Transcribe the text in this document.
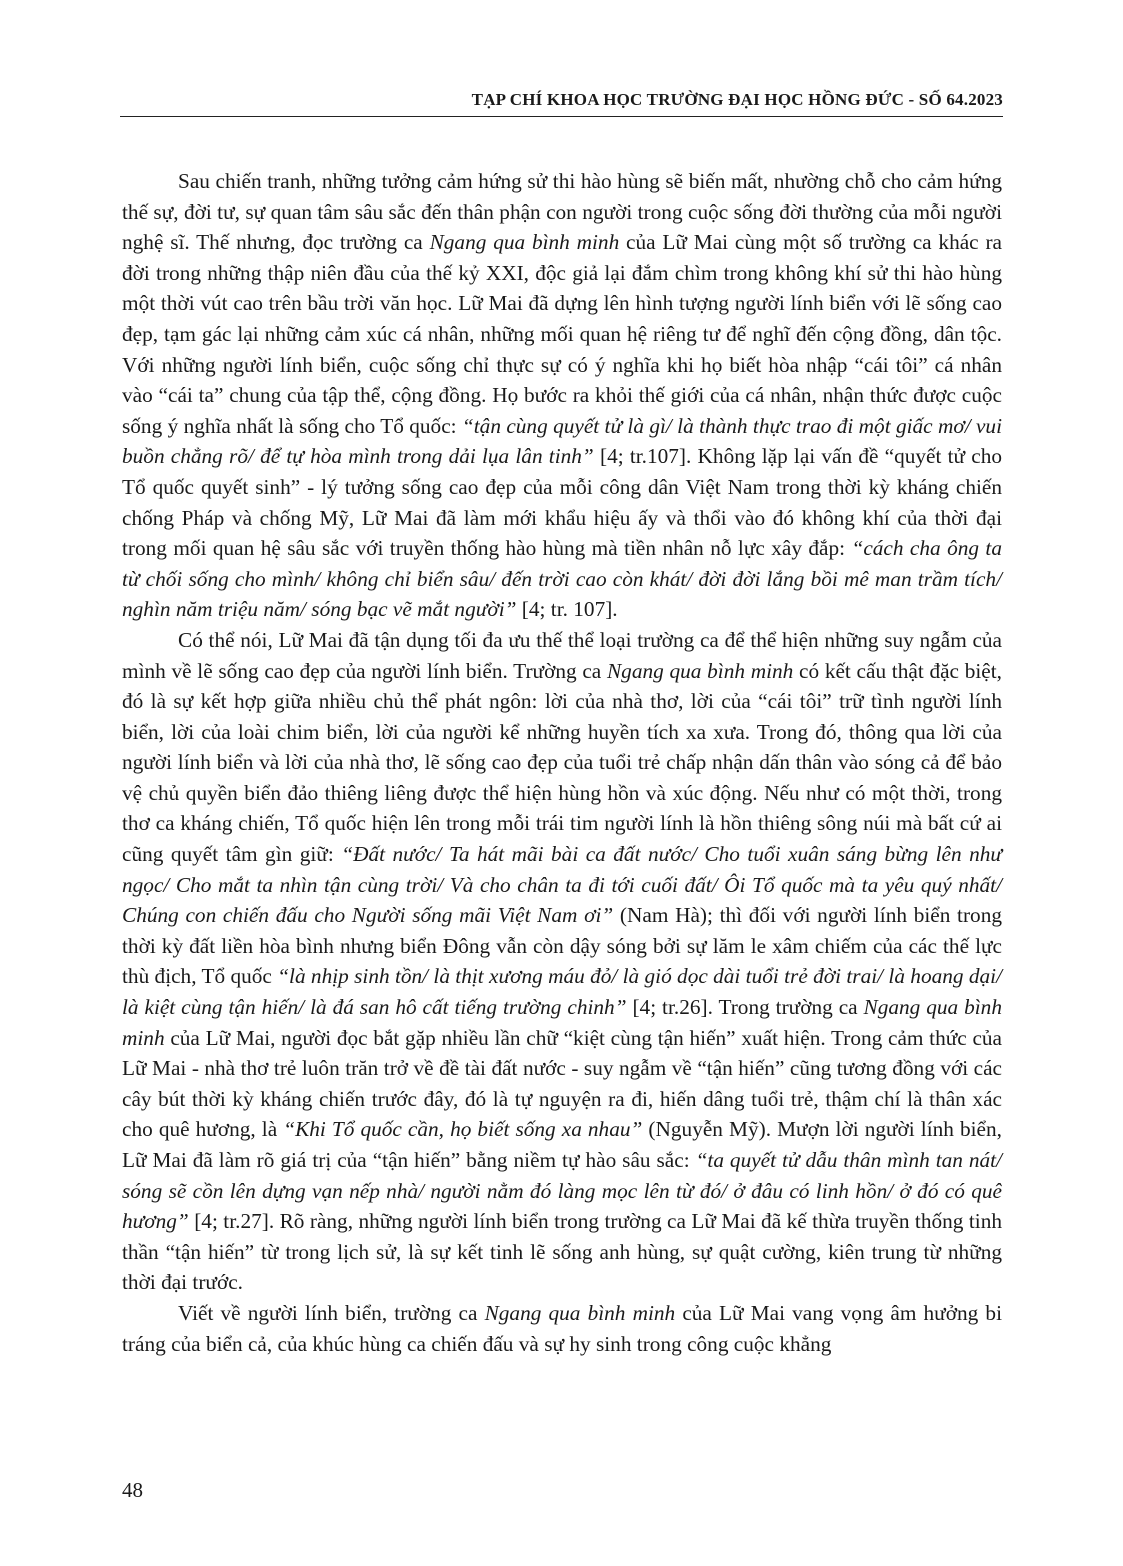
TẠP CHÍ KHOA HỌC TRƯỜNG ĐẠI HỌC HỒNG ĐỨC - SỐ 64.2023

Sau chiến tranh, những tưởng cảm hứng sử thi hào hùng sẽ biến mất, nhường chỗ cho cảm hứng thế sự, đời tư, sự quan tâm sâu sắc đến thân phận con người trong cuộc sống đời thường của mỗi người nghệ sĩ. Thế nhưng, đọc trường ca Ngang qua bình minh của Lữ Mai cùng một số trường ca khác ra đời trong những thập niên đầu của thế kỷ XXI, độc giả lại đắm chìm trong không khí sử thi hào hùng một thời vút cao trên bầu trời văn học. Lữ Mai đã dựng lên hình tượng người lính biển với lẽ sống cao đẹp, tạm gác lại những cảm xúc cá nhân, những mối quan hệ riêng tư để nghĩ đến cộng đồng, dân tộc. Với những người lính biển, cuộc sống chỉ thực sự có ý nghĩa khi họ biết hòa nhập “cái tôi” cá nhân vào “cái ta” chung của tập thể, cộng đồng. Họ bước ra khỏi thế giới của cá nhân, nhận thức được cuộc sống ý nghĩa nhất là sống cho Tổ quốc: “tận cùng quyết tử là gì/ là thành thực trao đi một giấc mơ/ vui buồn chẳng rõ/ để tự hòa mình trong dải lụa lân tinh” [4; tr.107]. Không lặp lại vấn đề “quyết tử cho Tổ quốc quyết sinh” - lý tưởng sống cao đẹp của mỗi công dân Việt Nam trong thời kỳ kháng chiến chống Pháp và chống Mỹ, Lữ Mai đã làm mới khẩu hiệu ấy và thổi vào đó không khí của thời đại trong mối quan hệ sâu sắc với truyền thống hào hùng mà tiền nhân nỗ lực xây đắp: “cách cha ông ta từ chối sống cho mình/ không chỉ biển sâu/ đến trời cao còn khát/ đời đời lắng bồi mê man trầm tích/ nghìn năm triệu năm/ sóng bạc vẽ mắt người” [4; tr. 107].

Có thể nói, Lữ Mai đã tận dụng tối đa ưu thế thể loại trường ca để thể hiện những suy ngẫm của mình về lẽ sống cao đẹp của người lính biển. Trường ca Ngang qua bình minh có kết cấu thật đặc biệt, đó là sự kết hợp giữa nhiều chủ thể phát ngôn: lời của nhà thơ, lời của “cái tôi” trữ tình người lính biển, lời của loài chim biển, lời của người kể những huyền tích xa xưa. Trong đó, thông qua lời của người lính biển và lời của nhà thơ, lẽ sống cao đẹp của tuổi trẻ chấp nhận dấn thân vào sóng cả để bảo vệ chủ quyền biển đảo thiêng liêng được thể hiện hùng hồn và xúc động. Nếu như có một thời, trong thơ ca kháng chiến, Tổ quốc hiện lên trong mỗi trái tim người lính là hồn thiêng sông núi mà bất cứ ai cũng quyết tâm gìn giữ: “Đất nước/ Ta hát mãi bài ca đất nước/ Cho tuổi xuân sáng bừng lên như ngọc/ Cho mắt ta nhìn tận cùng trời/ Và cho chân ta đi tới cuối đất/ Ôi Tổ quốc mà ta yêu quý nhất/ Chúng con chiến đấu cho Người sống mãi Việt Nam ơi” (Nam Hà); thì đối với người lính biển trong thời kỳ đất liền hòa bình nhưng biển Đông vẫn còn dậy sóng bởi sự lăm le xâm chiếm của các thế lực thù địch, Tổ quốc “là nhịp sinh tồn/ là thịt xương máu đỏ/ là gió dọc dài tuổi trẻ đời trai/ là hoang dại/ là kiệt cùng tận hiến/ là đá san hô cất tiếng trường chinh” [4; tr.26]. Trong trường ca Ngang qua bình minh của Lữ Mai, người đọc bắt gặp nhiều lần chữ “kiệt cùng tận hiến” xuất hiện. Trong cảm thức của Lữ Mai - nhà thơ trẻ luôn trăn trở về đề tài đất nước - suy ngẫm về “tận hiến” cũng tương đồng với các cây bút thời kỳ kháng chiến trước đây, đó là tự nguyện ra đi, hiến dâng tuổi trẻ, thậm chí là thân xác cho quê hương, là “Khi Tổ quốc cần, họ biết sống xa nhau” (Nguyễn Mỹ). Mượn lời người lính biển, Lữ Mai đã làm rõ giá trị của “tận hiến” bằng niềm tự hào sâu sắc: “ta quyết tử dẫu thân mình tan nát/ sóng sẽ cồn lên dựng vạn nếp nhà/ người nằm đó làng mọc lên từ đó/ ở đâu có linh hồn/ ở đó có quê hương” [4; tr.27]. Rõ ràng, những người lính biển trong trường ca Lữ Mai đã kế thừa truyền thống tinh thần “tận hiến” từ trong lịch sử, là sự kết tinh lẽ sống anh hùng, sự quật cường, kiên trung từ những thời đại trước.

Viết về người lính biển, trường ca Ngang qua bình minh của Lữ Mai vang vọng âm hưởng bi tráng của biển cả, của khúc hùng ca chiến đấu và sự hy sinh trong công cuộc khẳng

48
